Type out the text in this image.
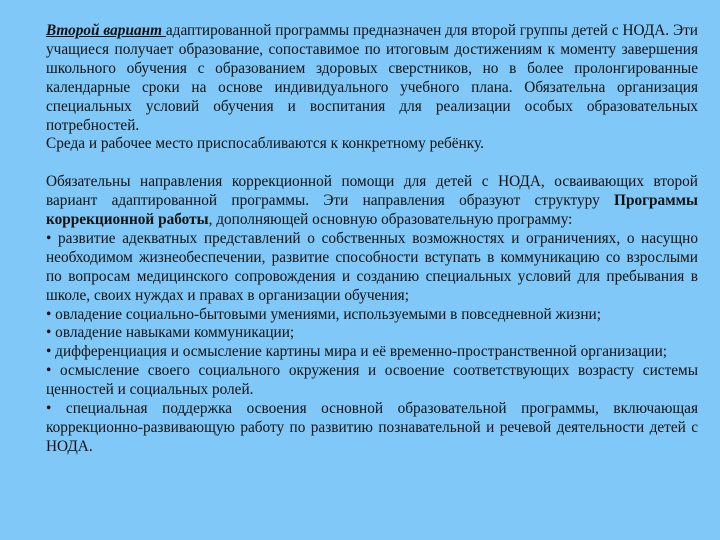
Второй вариант адаптированной программы предназначен для второй группы детей с НОДА. Эти учащиеся получает образование, сопоставимое по итоговым достижениям к моменту завершения школьного обучения с образованием здоровых сверстников, но в более пролонгированные календарные сроки на основе индивидуального учебного плана. Обязательна организация специальных условий обучения и воспитания для реализации особых образовательных потребностей.

Среда и рабочее место приспосабливаются к конкретному ребёнку.

Обязательны направления коррекционной помощи для детей с НОДА, осваивающих второй вариант адаптированной программы. Эти направления образуют структуру Программы коррекционной работы, дополняющей основную образовательную программу:

• развитие адекватных представлений о собственных возможностях и ограничениях, о насущно необходимом жизнеобеспечении, развитие способности вступать в коммуникацию со взрослыми по вопросам медицинского сопровождения и созданию специальных условий для пребывания в школе, своих нуждах и правах в организации обучения;

• овладение социально-бытовыми умениями, используемыми в повседневной жизни;

• овладение навыками коммуникации;

• дифференциация и осмысление картины мира и её временно-пространственной организации;

• осмысление своего социального окружения и освоение соответствующих возрасту системы ценностей и социальных ролей.

• специальная поддержка освоения основной образовательной программы, включающая коррекционно-развивающую работу по развитию познавательной и речевой деятельности детей с НОДА.
